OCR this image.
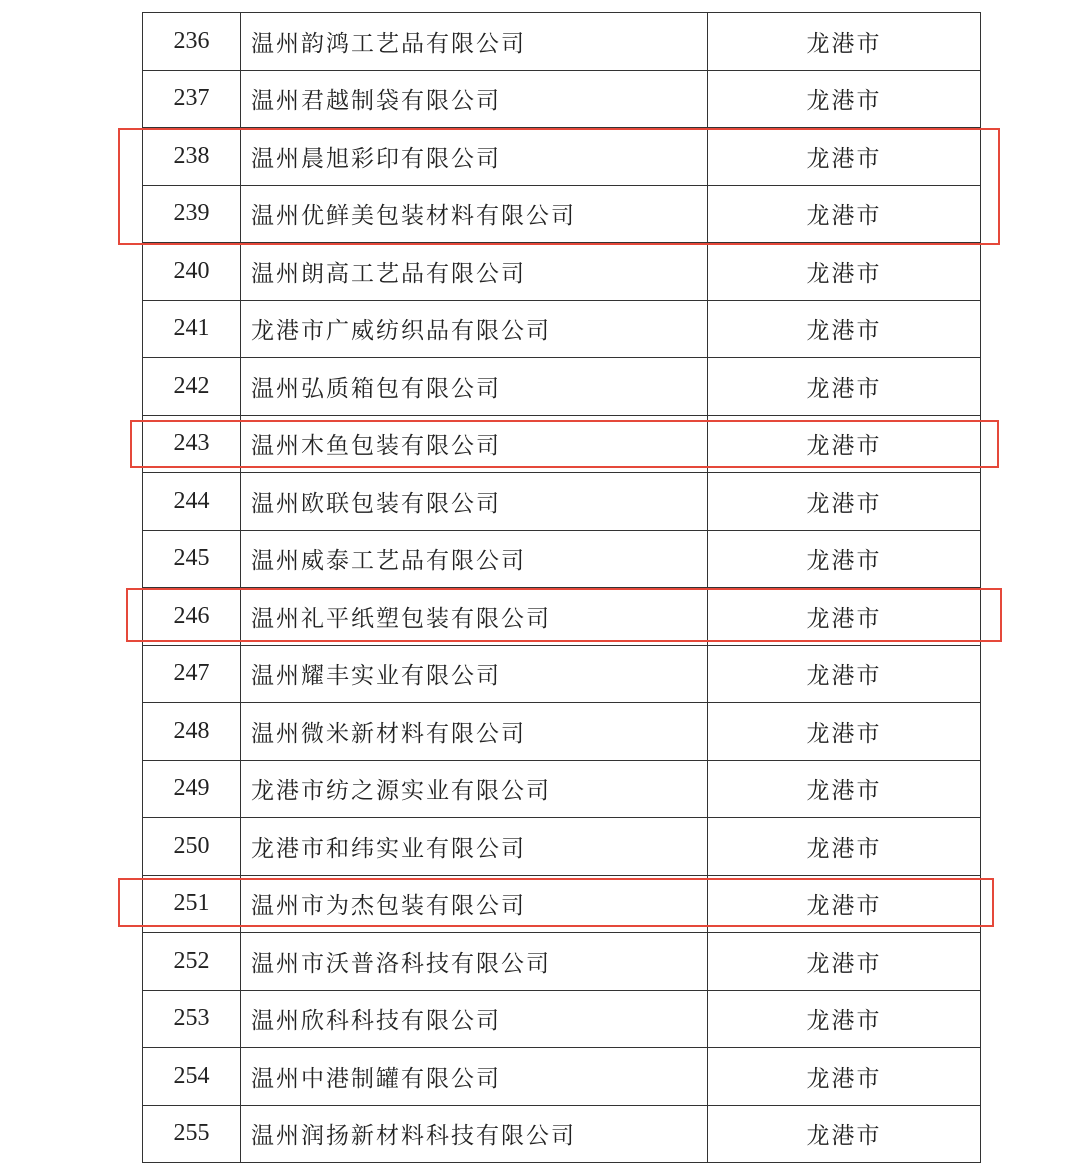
236	温州韵鸿工艺品有限公司	龙港市
237	温州君越制袋有限公司	龙港市
238	温州晨旭彩印有限公司	龙港市
239	温州优鲜美包装材料有限公司	龙港市
240	温州朗高工艺品有限公司	龙港市
241	龙港市广威纺织品有限公司	龙港市
242	温州弘质箱包有限公司	龙港市
243	温州木鱼包装有限公司	龙港市
244	温州欧联包装有限公司	龙港市
245	温州威泰工艺品有限公司	龙港市
246	温州礼平纸塑包装有限公司	龙港市
247	温州耀丰实业有限公司	龙港市
248	温州微米新材料有限公司	龙港市
249	龙港市纺之源实业有限公司	龙港市
250	龙港市和纬实业有限公司	龙港市
251	温州市为杰包装有限公司	龙港市
252	温州市沃普洛科技有限公司	龙港市
253	温州欣科科技有限公司	龙港市
254	温州中港制罐有限公司	龙港市
255	温州润扬新材料科技有限公司	龙港市
